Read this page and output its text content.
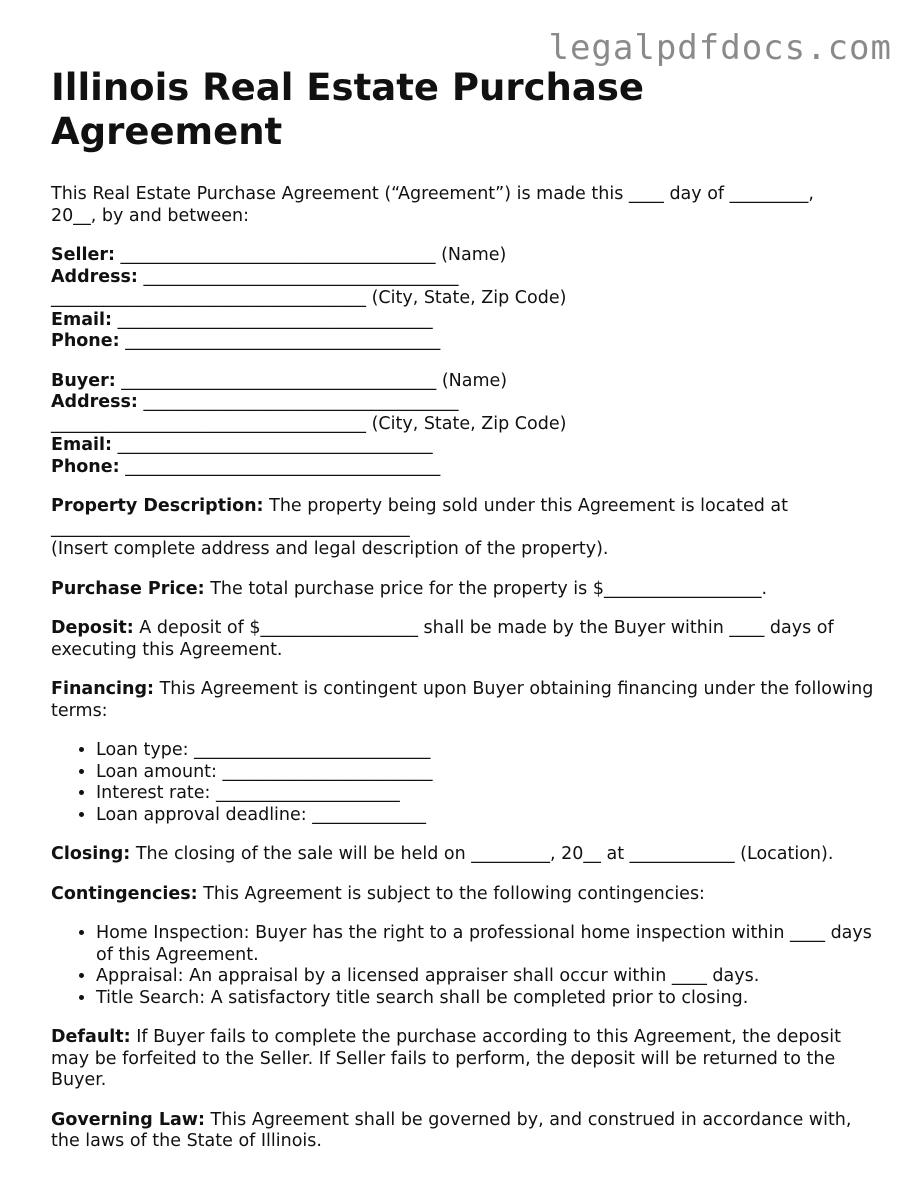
legalpdfdocs.com
Illinois Real Estate Purchase Agreement

This Real Estate Purchase Agreement (“Agreement”) is made this ____ day of _________,
20__, by and between:

Seller: ____________________________________ (Name)
Address: ____________________________________
____________________________________ (City, State, Zip Code)
Email: ____________________________________
Phone: ____________________________________
Buyer: ____________________________________ (Name)
Address: ____________________________________
____________________________________ (City, State, Zip Code)
Email: ____________________________________
Phone: ____________________________________

Property Description: The property being sold under this Agreement is located at
_________________________________________
(Insert complete address and legal description of the property).

Purchase Price: The total purchase price for the property is $__________________.

Deposit: A deposit of $__________________ shall be made by the Buyer within ____ days of executing this Agreement.

Financing: This Agreement is contingent upon Buyer obtaining financing under the following terms:

• Loan type: ___________________________
• Loan amount: ________________________
• Interest rate: _____________________
• Loan approval deadline: _____________

Closing: The closing of the sale will be held on _________, 20__ at ____________ (Location).

Contingencies: This Agreement is subject to the following contingencies:

• Home Inspection: Buyer has the right to a professional home inspection within ____ days of this Agreement.
• Appraisal: An appraisal by a licensed appraiser shall occur within ____ days.
• Title Search: A satisfactory title search shall be completed prior to closing.

Default: If Buyer fails to complete the purchase according to this Agreement, the deposit may be forfeited to the Seller. If Seller fails to perform, the deposit will be returned to the Buyer.

Governing Law: This Agreement shall be governed by, and construed in accordance with, the laws of the State of Illinois.
